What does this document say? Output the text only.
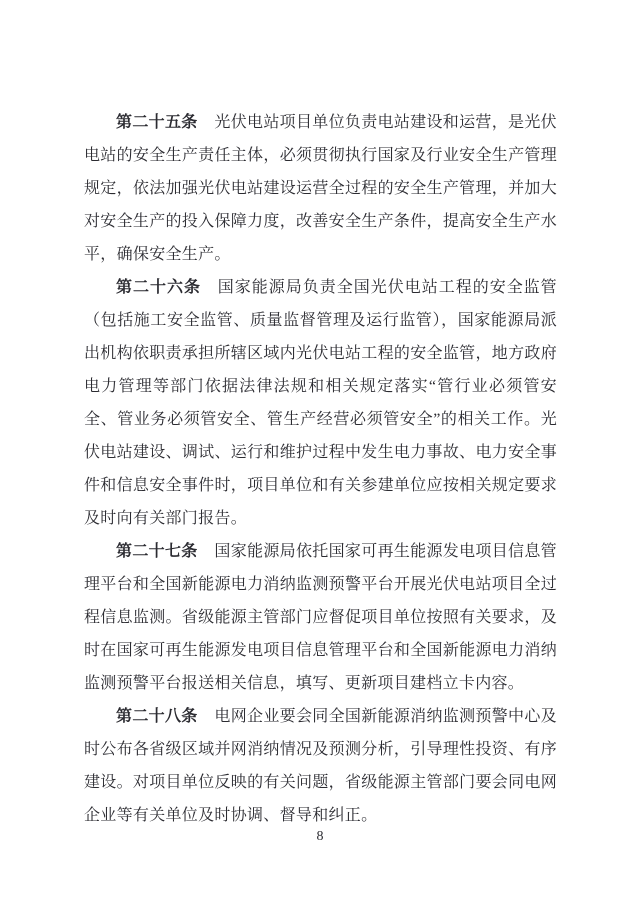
第二十五条 光伏电站项目单位负责电站建设和运营，是光伏电站的安全生产责任主体，必须贯彻执行国家及行业安全生产管理规定，依法加强光伏电站建设运营全过程的安全生产管理，并加大对安全生产的投入保障力度，改善安全生产条件，提高安全生产水平，确保安全生产。

第二十六条 国家能源局负责全国光伏电站工程的安全监管（包括施工安全监管、质量监督管理及运行监管），国家能源局派出机构依职责承担所辖区域内光伏电站工程的安全监管，地方政府电力管理等部门依据法律法规和相关规定落实“管行业必须管安全、管业务必须管安全、管生产经营必须管安全”的相关工作。光伏电站建设、调试、运行和维护过程中发生电力事故、电力安全事件和信息安全事件时，项目单位和有关参建单位应按相关规定要求及时向有关部门报告。

第二十七条 国家能源局依托国家可再生能源发电项目信息管理平台和全国新能源电力消纳监测预警平台开展光伏电站项目全过程信息监测。省级能源主管部门应督促项目单位按照有关要求，及时在国家可再生能源发电项目信息管理平台和全国新能源电力消纳监测预警平台报送相关信息，填写、更新项目建档立卡内容。

第二十八条 电网企业要会同全国新能源消纳监测预警中心及时公布各省级区域并网消纳情况及预测分析，引导理性投资、有序建设。对项目单位反映的有关问题，省级能源主管部门要会同电网企业等有关单位及时协调、督导和纠正。

8
